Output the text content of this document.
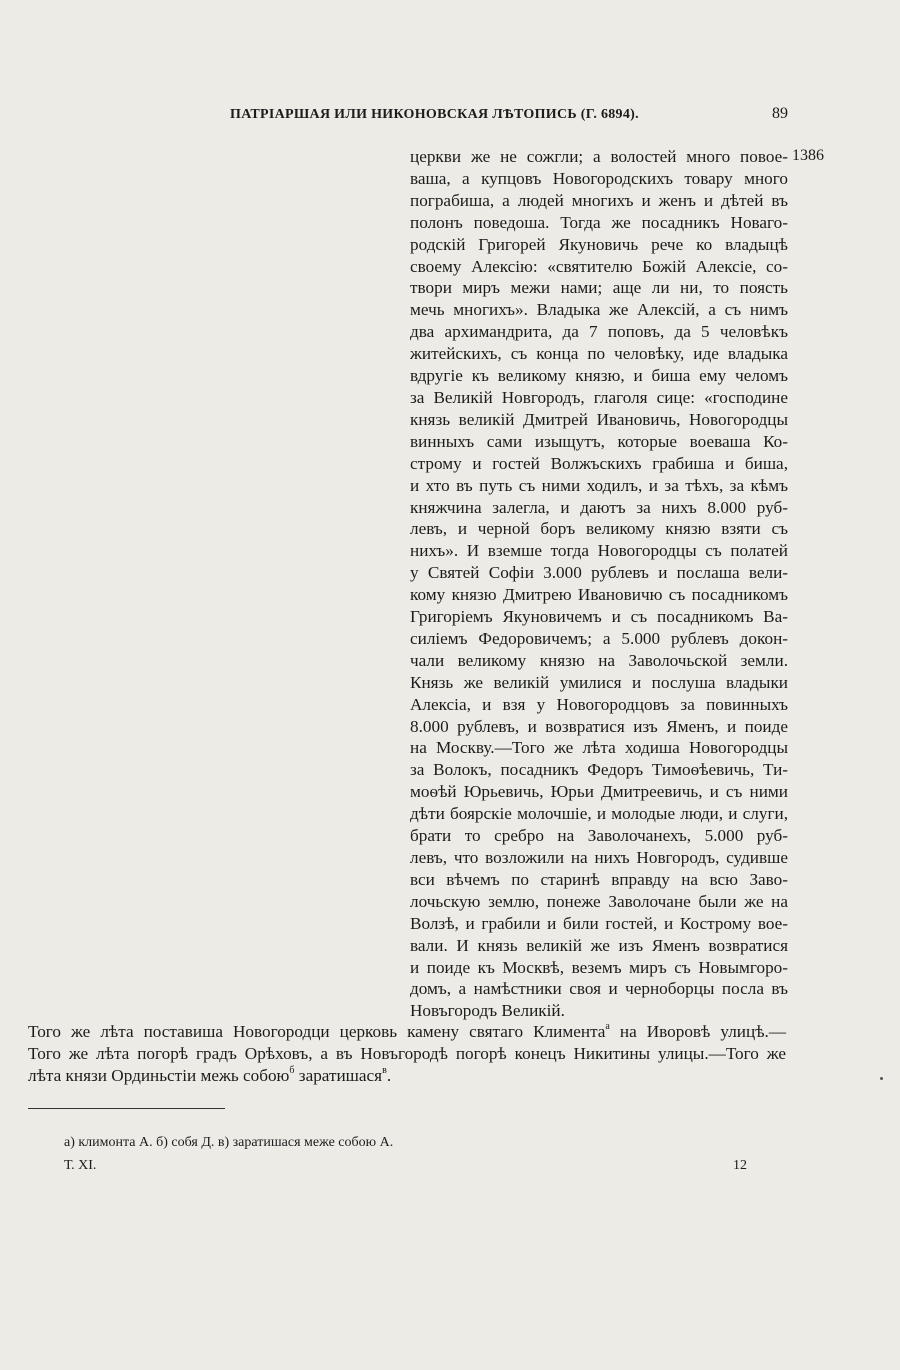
ПАТРІАРШАЯ ИЛИ НИКОНОВСКАЯ ЛѢТОПИСЬ (Г. 6894).	89
1386
церкви же не сожгли; а волостей много повое-
ваша, а купцовъ Новогородскихъ товару много
пограбиша, а людей многихъ и женъ и дѣтей въ
полонъ поведоша. Тогда же посадникъ Новаго-
родскій Григорей Якуновичь рече ко владыцѣ
своему Алексію: «святителю Божій Алексіе, со-
твори миръ межи нами; аще ли ни, то поясть
мечь многихъ». Владыка же Алексій, а съ нимъ
два архимандрита, да 7 поповъ, да 5 человѣкъ
житейскихъ, съ конца по человѣку, иде владыка
вдругіе къ великому князю, и биша ему челомъ
за Великій Новгородъ, глаголя сице: «господине
князь великій Дмитрей Ивановичь, Новогородцы
винныхъ сами изыщутъ, которые воеваша Ко-
строму и гостей Волжъскихъ грабиша и биша,
и хто въ путь съ ними ходилъ, и за тѣхъ, за кѣмъ
княжчина залегла, и даютъ за нихъ 8.000 руб-
левъ, и черной боръ великому князю взяти съ
нихъ». И вземше тогда Новогородцы съ полатей
у Святей Софіи 3.000 рублевъ и послаша вели-
кому князю Дмитрею Ивановичю съ посадникомъ
Григоріемъ Якуновичемъ и съ посадникомъ Ва-
силіемъ Федоровичемъ; а 5.000 рублевъ докон-
чали великому князю на Заволочьской земли.
Князь же великій умилися и послуша владыки
Алексіа, и взя у Новогородцовъ за повинныхъ
8.000 рублевъ, и возвратися изъ Яменъ, и поиде
на Москву.—Того же лѣта ходиша Новогородцы
за Волокъ, посадникъ Федоръ Тимоѳѣевичь, Ти-
моѳѣй Юрьевичь, Юрьи Дмитреевичь, и съ ними
дѣти боярскіе молочшіе, и молодые люди, и слуги,
брати то сребро на Заволочанехъ, 5.000 руб-
левъ, что возложили на нихъ Новгородъ, судивше
вси вѣчемъ по старинѣ вправду на всю Заво-
лочьскую землю, понеже Заволочане были же на
Волзѣ, и грабили и били гостей, и Кострому вое-
вали. И князь великій же изъ Яменъ возвратися
и поиде къ Москвѣ, веземъ миръ съ Новымгоро-
домъ, а намѣстники своя и черноборцы посла въ
Новъгородъ Великій.
Того же лѣта поставиша Новогородци церковь камену святаго Климента$^а$ на Иворовѣ улицѣ.—
Того же лѣта погорѣ градъ Орѣховъ, а въ Новъгородѣ погорѣ конецъ Никитины улицы.—Того же
лѣта князи Ординьстіи межь собою$^б$ заратишася$^в$.
а) климонта А. б) собя Д. в) заратишася меже собою А.
Т. XI.	12
